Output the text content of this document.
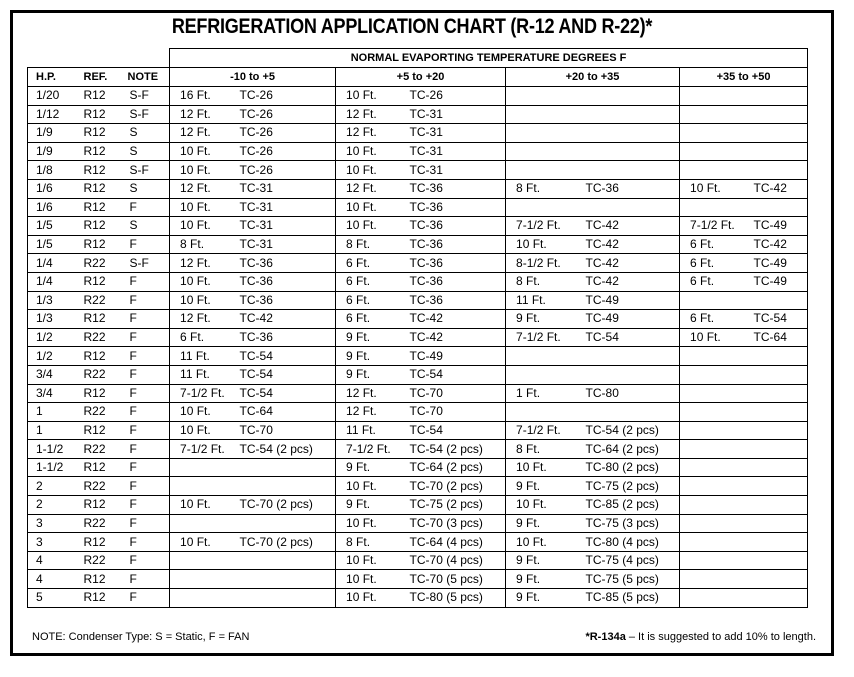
REFRIGERATION APPLICATION CHART (R-12 AND R-22)*
			NORMAL EVAPORTING TEMPERATURE DEGREES F							
H.P.	REF.	NOTE	-10 to +5		+5 to +20		+20 to +35		+35 to +50	
1/20	R12	S-F	16 Ft.	TC-26	10 Ft.	TC-26				
1/12	R12	S-F	12 Ft.	TC-26	12 Ft.	TC-31				
1/9	R12	S	12 Ft.	TC-26	12 Ft.	TC-31				
1/9	R12	S	10 Ft.	TC-26	10 Ft.	TC-31				
1/8	R12	S-F	10 Ft.	TC-26	10 Ft.	TC-31				
1/6	R12	S	12 Ft.	TC-31	12 Ft.	TC-36	8 Ft.	TC-36	10 Ft.	TC-42
1/6	R12	F	10 Ft.	TC-31	10 Ft.	TC-36				
1/5	R12	S	10 Ft.	TC-31	10 Ft.	TC-36	7-1/2 Ft.	TC-42	7-1/2 Ft.	TC-49
1/5	R12	F	8 Ft.	TC-31	8 Ft.	TC-36	10 Ft.	TC-42	6 Ft.	TC-42
1/4	R22	S-F	12 Ft.	TC-36	6 Ft.	TC-36	8-1/2 Ft.	TC-42	6 Ft.	TC-49
1/4	R12	F	10 Ft.	TC-36	6 Ft.	TC-36	8 Ft.	TC-42	6 Ft.	TC-49
1/3	R22	F	10 Ft.	TC-36	6 Ft.	TC-36	11 Ft.	TC-49		
1/3	R12	F	12 Ft.	TC-42	6 Ft.	TC-42	9 Ft.	TC-49	6 Ft.	TC-54
1/2	R22	F	6 Ft.	TC-36	9 Ft.	TC-42	7-1/2 Ft.	TC-54	10 Ft.	TC-64
1/2	R12	F	11 Ft.	TC-54	9 Ft.	TC-49				
3/4	R22	F	11 Ft.	TC-54	9 Ft.	TC-54				
3/4	R12	F	7-1/2 Ft.	TC-54	12 Ft.	TC-70	1 Ft.	TC-80		
1	R22	F	10 Ft.	TC-64	12 Ft.	TC-70				
1	R12	F	10 Ft.	TC-70	11 Ft.	TC-54	7-1/2 Ft.	TC-54 (2 pcs)		
1-1/2	R22	F	7-1/2 Ft.	TC-54 (2 pcs)	7-1/2 Ft.	TC-54 (2 pcs)	8 Ft.	TC-64 (2 pcs)		
1-1/2	R12	F			9 Ft.	TC-64 (2 pcs)	10 Ft.	TC-80 (2 pcs)		
2	R22	F			10 Ft.	TC-70 (2 pcs)	9 Ft.	TC-75 (2 pcs)		
2	R12	F	10 Ft.	TC-70 (2 pcs)	9 Ft.	TC-75 (2 pcs)	10 Ft.	TC-85 (2 pcs)		
3	R22	F			10 Ft.	TC-70 (3 pcs)	9 Ft.	TC-75 (3 pcs)		
3	R12	F	10 Ft.	TC-70 (2 pcs)	8 Ft.	TC-64 (4 pcs)	10 Ft.	TC-80 (4 pcs)		
4	R22	F			10 Ft.	TC-70 (4 pcs)	9 Ft.	TC-75 (4 pcs)		
4	R12	F			10 Ft.	TC-70 (5 pcs)	9 Ft.	TC-75 (5 pcs)		
5	R12	F			10 Ft.	TC-80 (5 pcs)	9 Ft.	TC-85 (5 pcs)		
NOTE: Condenser Type: S = Static, F = FAN	*R-134a – It is suggested to add 10% to length.
